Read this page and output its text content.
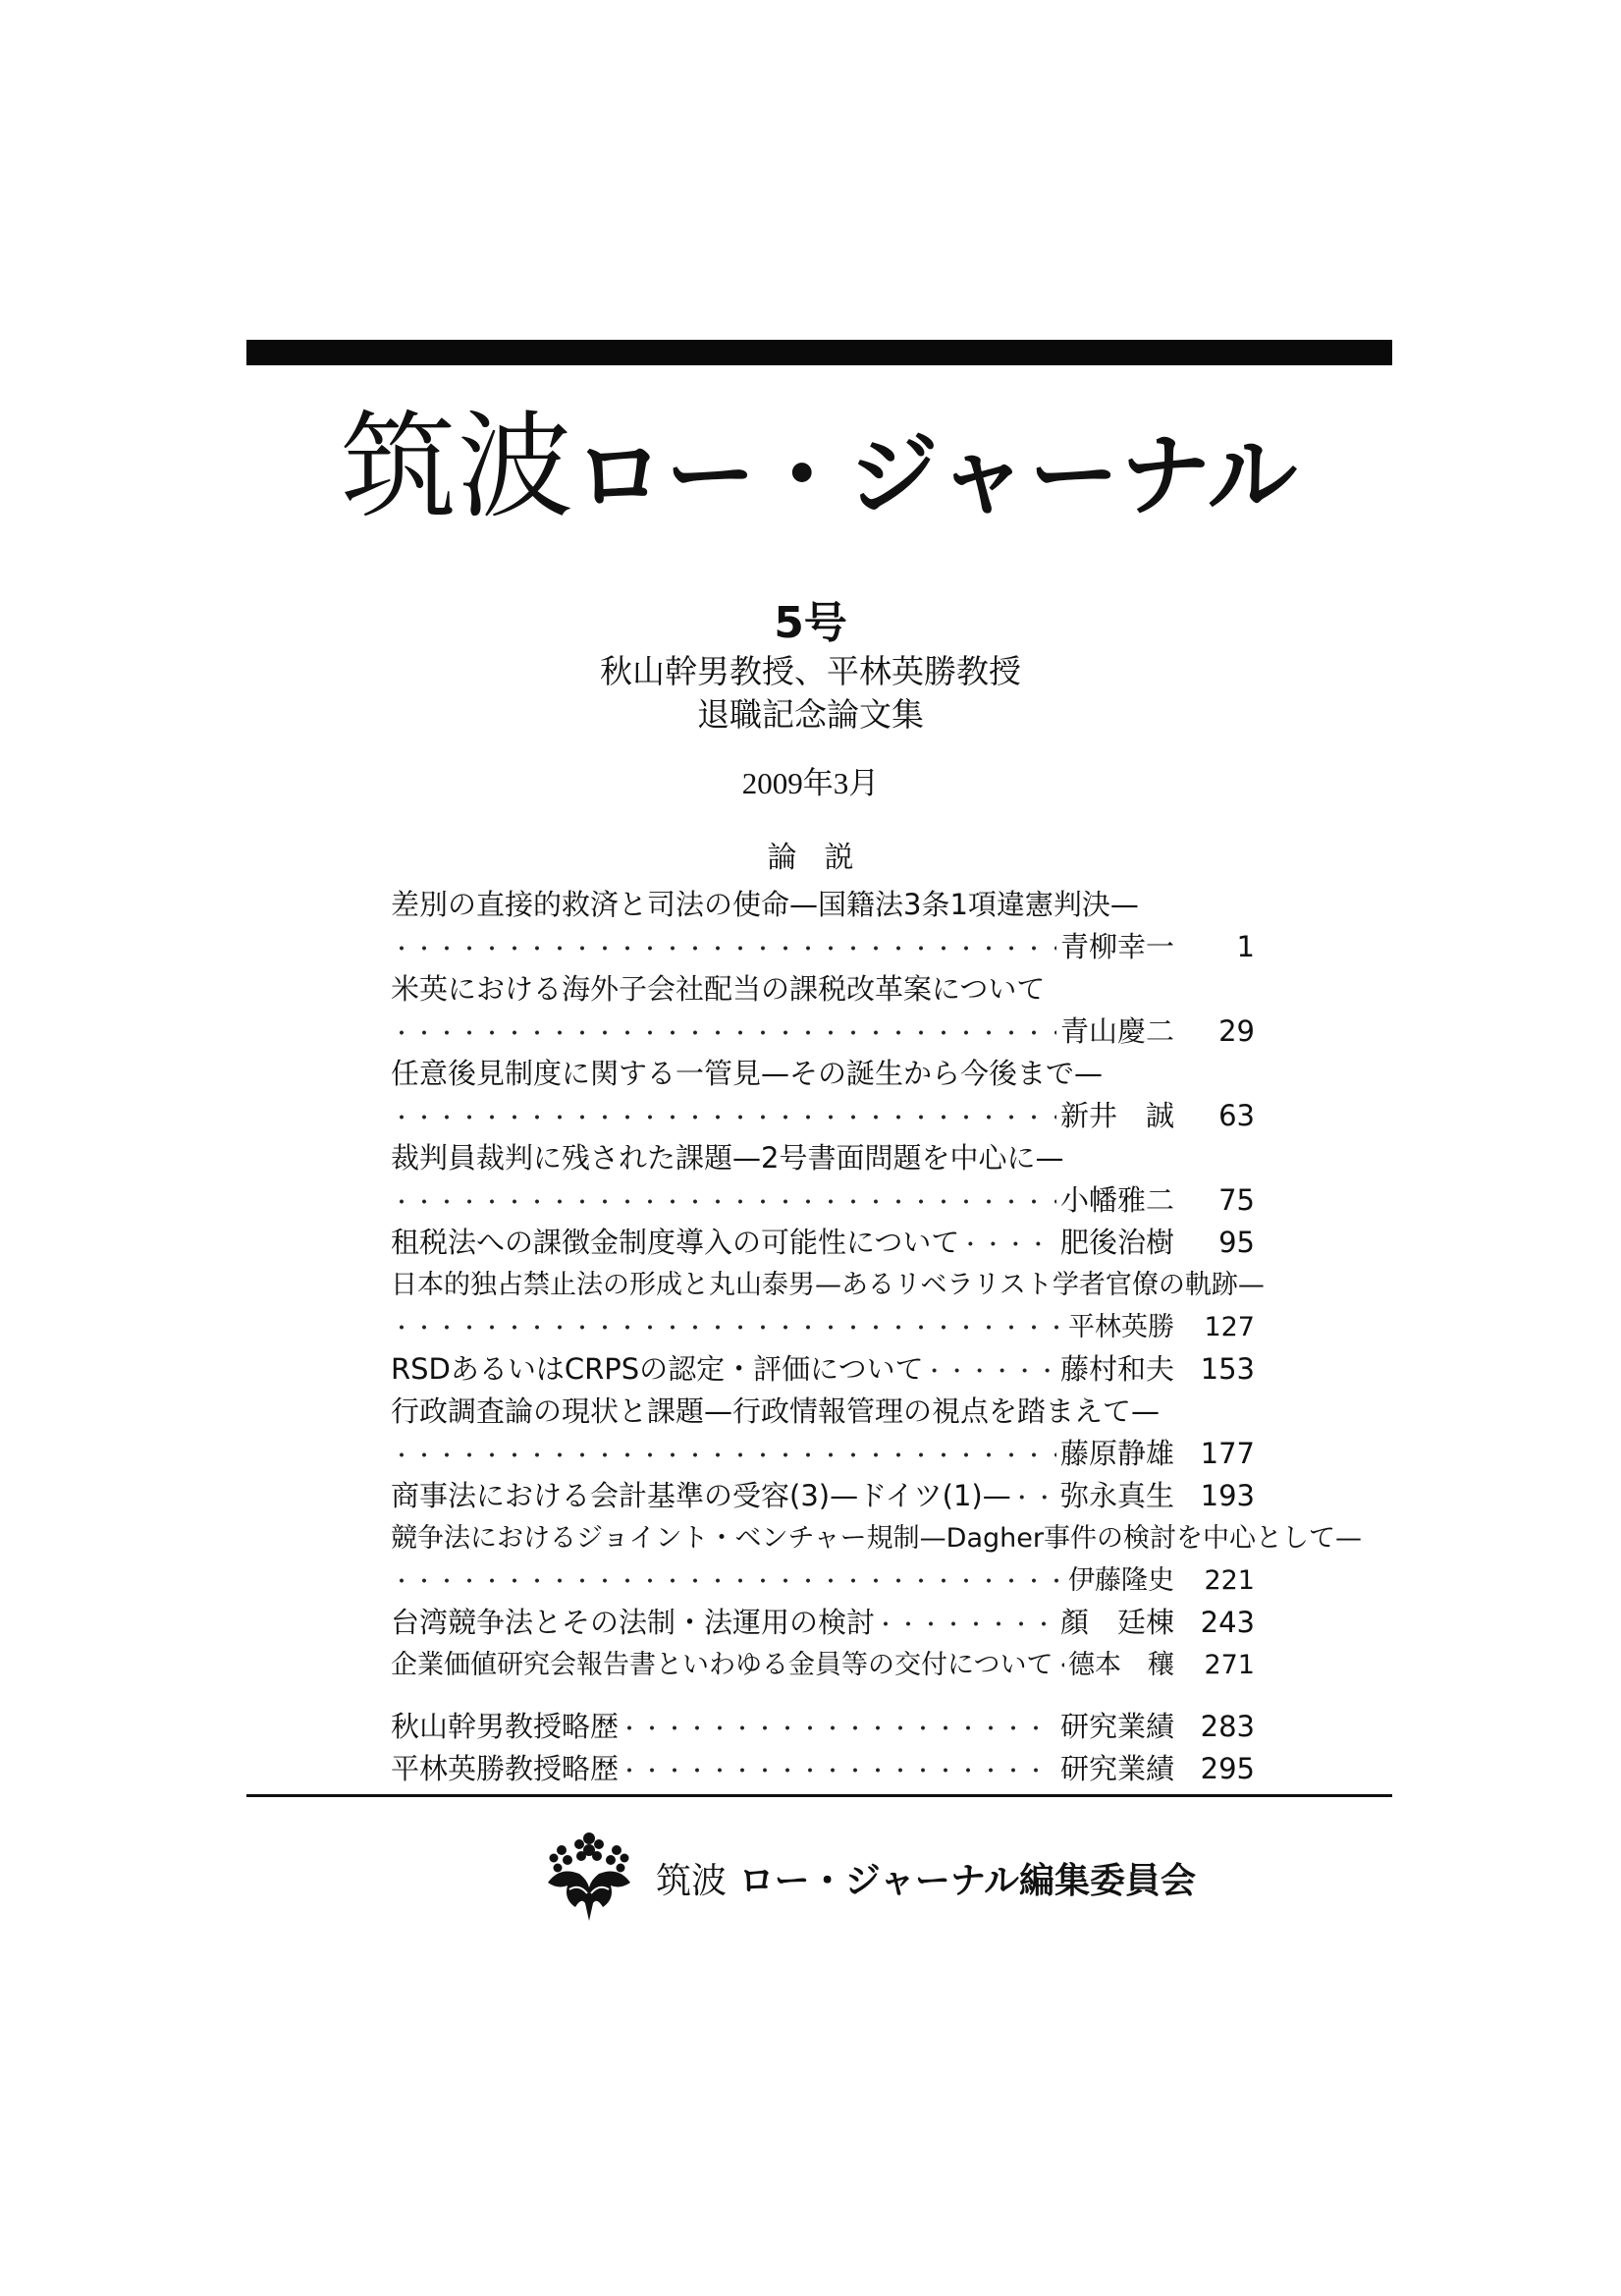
筑波ロー・ジャーナル
5号
秋山幹男教授、平林英勝教授
退職記念論文集
2009年3月
論説
差別の直接的救済と司法の使命—国籍法3条1項違憲判決—
・・・・・・・・・・・・・・・・・・・・・・・・・・・・・・・・・・・・・・・・・・・・・・・・・・・・・・・・・・・・・・・・・・・・
青柳幸一	1
米英における海外子会社配当の課税改革案について
・・・・・・・・・・・・・・・・・・・・・・・・・・・・・・・・・・・・・・・・・・・・・・・・・・・・・・・・・・・・・・・・・・・・
青山慶二	29
任意後見制度に関する一管見—その誕生から今後まで—
・・・・・・・・・・・・・・・・・・・・・・・・・・・・・・・・・・・・・・・・・・・・・・・・・・・・・・・・・・・・・・・・・・・・
新井　誠	63
裁判員裁判に残された課題—2号書面問題を中心に—
・・・・・・・・・・・・・・・・・・・・・・・・・・・・・・・・・・・・・・・・・・・・・・・・・・・・・・・・・・・・・・・・・・・・
小幡雅二	75
租税法への課徴金制度導入の可能性について ・・・・・・・・・・・・・・・・・・・・・・・・・・・・・・・・・・・・・・・・・・・・・・・・・・・・・・・・・・・・・・・・・・・・	肥後治樹	95
日本的独占禁止法の形成と丸山泰男—あるリベラリスト学者官僚の軌跡—
・・・・・・・・・・・・・・・・・・・・・・・・・・・・・・・・・・・・・・・・・・・・・・・・・・・・・・・・・・・・・・・・・・・・
平林英勝	127
RSDあるいはCRPSの認定・評価について ・・・・・・・・・・・・・・・・・・・・・・・・・・・・・・・・・・・・・・・・・・・・・・・・・・・・・・・・・・・・・・・・・・・・	藤村和夫 153
行政調査論の現状と課題—行政情報管理の視点を踏まえて—
・・・・・・・・・・・・・・・・・・・・・・・・・・・・・・・・・・・・・・・・・・・・・・・・・・・・・・・・・・・・・・・・・・・・
藤原静雄 177
商事法における会計基準の受容(3)—ドイツ(1)— ・・・・・・・・・・・・・・・・・・・・・・・・・・・・・・・・・・・・・・・・・・・・・・・・・・・・・・・・・・・・・・・・・・・・ 弥永真生 193
競争法におけるジョイント・ベンチャー規制—Dagher事件の検討を中心として—
・・・・・・・・・・・・・・・・・・・・・・・・・・・・・・・・・・・・・・・・・・・・・・・・・・・・・・・・・・・・・・・・・・・・
伊藤隆史	221
台湾競争法とその法制・法運用の検討 ・・・・・・・・・・・・・・・・・・・・・・・・・・・・・・・・・・・・・・・・・・・・・・・・・・・・・・・・・・・・・・・・・・・・	顏　廷棟 243
企業価値研究会報告書といわゆる金員等の交付について ・・・・・・・・・・・・・・・・・・・・・・・・・・・・・・・・・・・・・・・・・・・・・・・・・・・・・・・・・・・・・・・・・・・・ 德本　穰	271
秋山幹男教授略歴 ・・・・・・・・・・・・・・・・・・・・・・・・・・・・・・・・・・・・・・・・・・・・・・・・・・・・・・・・・・・・・・・・・・・・	研究業績 283
平林英勝教授略歴 ・・・・・・・・・・・・・・・・・・・・・・・・・・・・・・・・・・・・・・・・・・・・・・・・・・・・・・・・・・・・・・・・・・・・	研究業績 295
筑波 ロー・ジャーナル編集委員会
